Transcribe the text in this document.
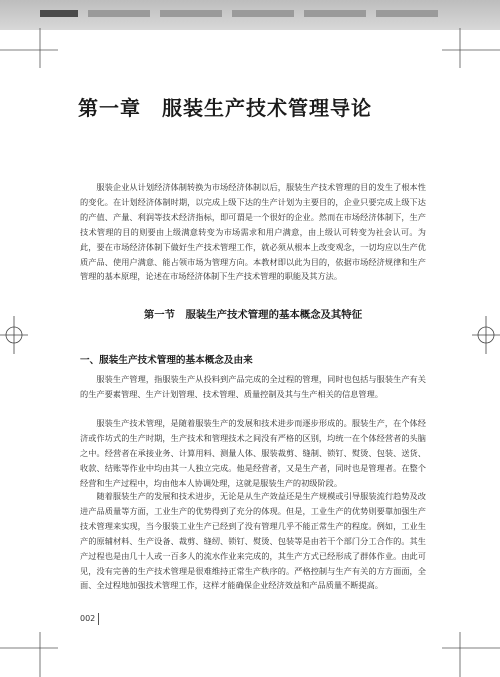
第一章　服装生产技术管理导论

服装企业从计划经济体制转换为市场经济体制以后，服装生产技术管理的目的发生了根本性的变化。在计划经济体制时期，以完成上级下达的生产计划为主要目的，企业只要完成上级下达的产值、产量、利润等技术经济指标，即可谓是一个很好的企业。然而在市场经济体制下，生产技术管理的目的则要由上级满意转变为市场需求和用户满意，由上级认可转变为社会认可。为此，要在市场经济体制下做好生产技术管理工作，就必须从根本上改变观念，一切均应以生产优质产品、使用户满意、能占领市场为管理方向。本教材即以此为目的，依据市场经济规律和生产管理的基本原理，论述在市场经济体制下生产技术管理的职能及其方法。

第一节　服装生产技术管理的基本概念及其特征
一、服装生产技术管理的基本概念及由来

服装生产管理，指服装生产从投料到产品完成的全过程的管理，同时也包括与服装生产有关的生产要素管理、生产计划管理、技术管理、质量控制及其与生产相关的信息管理。

服装生产技术管理，是随着服装生产的发展和技术进步而逐步形成的。服装生产，在个体经济或作坊式的生产时期，生产技术和管理技术之间没有严格的区别，均统一在个体经营者的头脑之中。经营者在承接业务、计算用料、测量人体、服装裁剪、缝制、锁钉、熨烫、包装、送货、收款、结账等作业中均由其一人独立完成。他是经营者，又是生产者，同时也是管理者。在整个经营和生产过程中，均由他本人协调处理，这就是服装生产的初级阶段。

随着服装生产的发展和技术进步，无论是从生产效益还是生产规模或引导服装流行趋势及改进产品质量等方面，工业生产的优势得到了充分的体现。但是，工业生产的优势则要靠加强生产技术管理来实现，当今服装工业生产已经到了没有管理几乎不能正常生产的程度。例如，工业生产的原辅材料、生产设备、裁剪、缝纫、锁钉、熨烫、包装等是由若干个部门分工合作的。其生产过程也是由几十人或一百多人的流水作业来完成的，其生产方式已经形成了群体作业。由此可见，没有完善的生产技术管理是很难维持正常生产秩序的。严格控制与生产有关的方方面面，全面、全过程地加强技术管理工作，这样才能确保企业经济效益和产品质量不断提高。

002
